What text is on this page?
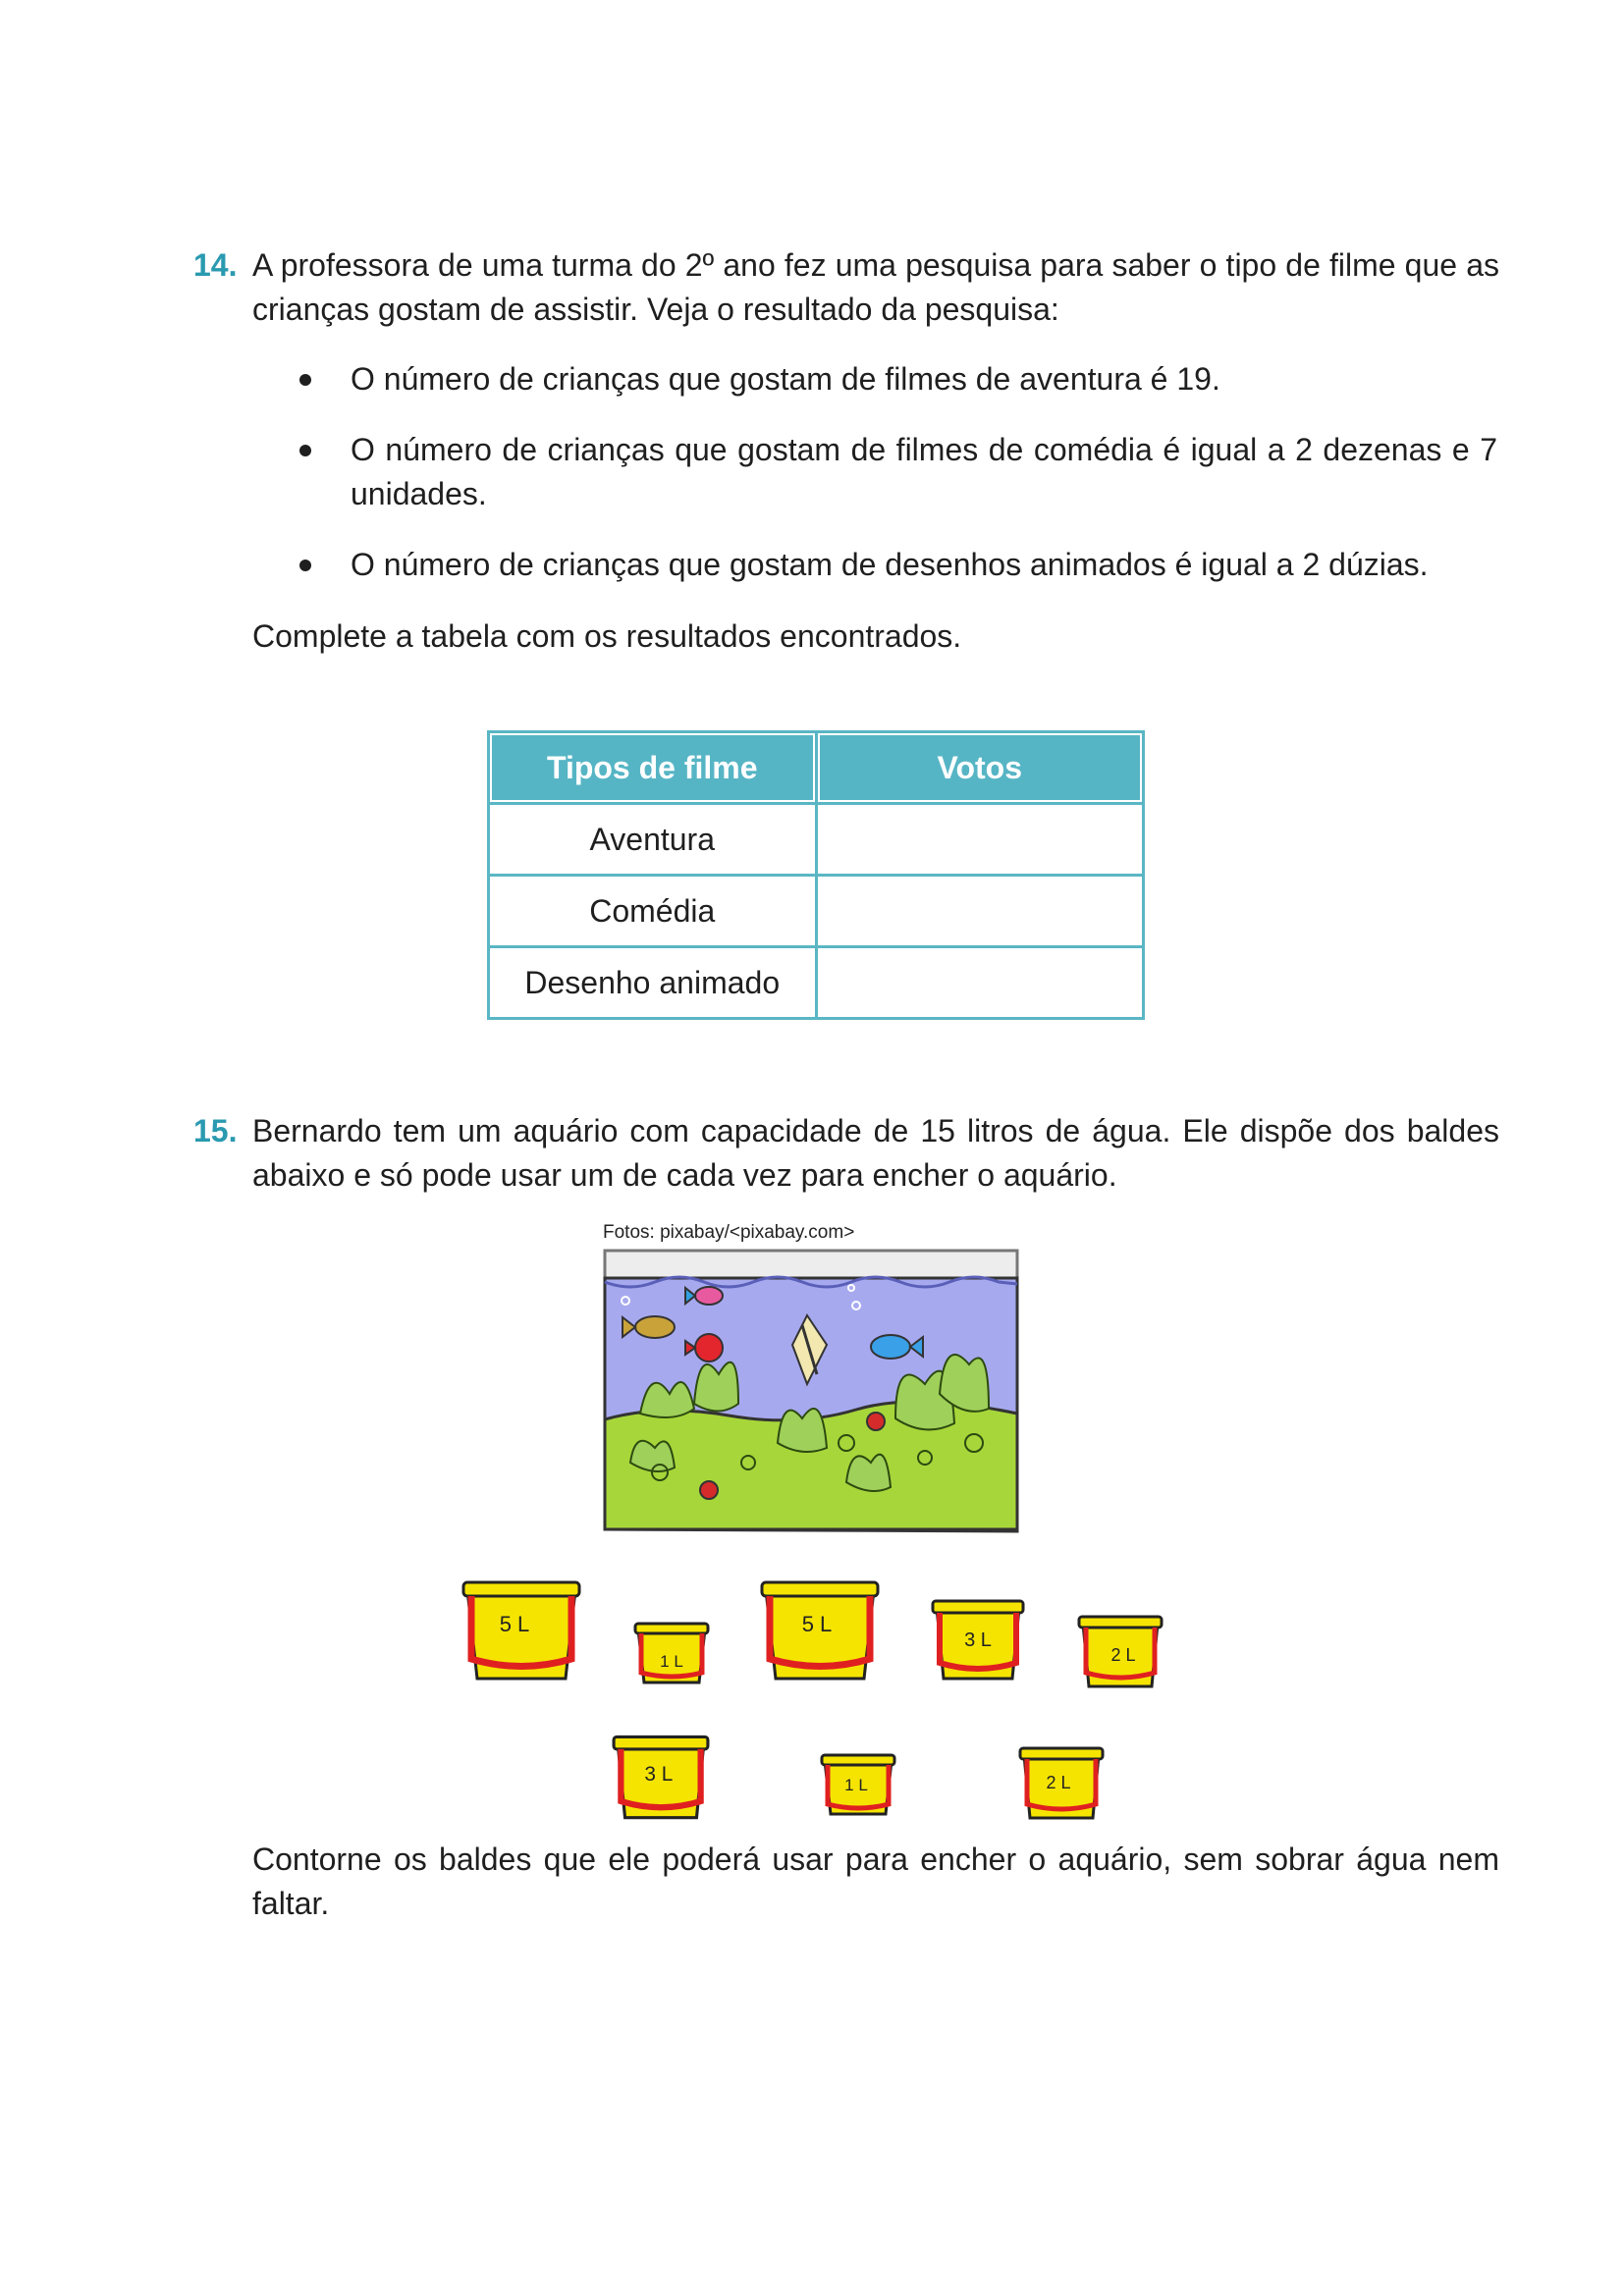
14. A professora de uma turma do 2º ano fez uma pesquisa para saber o tipo de filme que as crianças gostam de assistir. Veja o resultado da pesquisa:
O número de crianças que gostam de filmes de aventura é 19.
O número de crianças que gostam de filmes de comédia é igual a 2 dezenas e 7 unidades.
O número de crianças que gostam de desenhos animados é igual a 2 dúzias.
Complete a tabela com os resultados encontrados.
Tipos de filme	Votos
Aventura	
Comédia	
Desenho animado	
15. Bernardo tem um aquário com capacidade de 15 litros de água. Ele dispõe dos baldes abaixo e só pode usar um de cada vez para encher o aquário.
Fotos: pixabay/<pixabay.com>
5 L
1 L
5 L
3 L
2 L
3 L	1 L	2 L
Contorne os baldes que ele poderá usar para encher o aquário, sem sobrar água nem faltar.
